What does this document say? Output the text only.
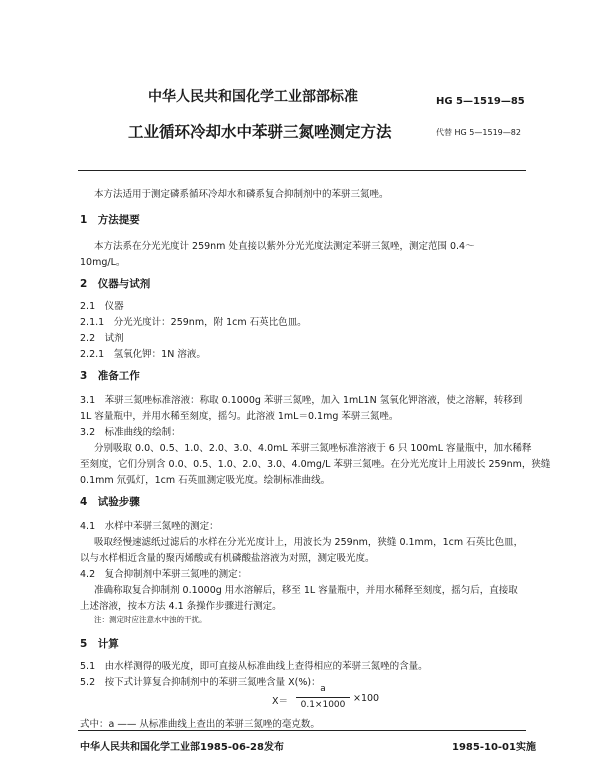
中华人民共和国化学工业部部标准	HG 5—1519—85
工业循环冷却水中苯骈三氮唑测定方法	代替 HG 5—1519—82
本方法适用于测定磷系循环冷却水和磷系复合抑制剂中的苯骈三氮唑。
1　方法提要
本方法系在分光光度计 259nm 处直接以紫外分光光度法测定苯骈三氮唑，测定范围 0.4～
10mg/L。
2　仪器与试剂
2.1　仪器
2.1.1　分光光度计：259nm，附 1cm 石英比色皿。
2.2　试剂
2.2.1　氢氧化钾：1N 溶液。
3　准备工作
3.1　苯骈三氮唑标准溶液：称取 0.1000g 苯骈三氮唑，加入 1mL1N 氢氧化钾溶液，使之溶解，转移到
1L 容量瓶中，并用水稀至刻度，摇匀。此溶液 1mL＝0.1mg 苯骈三氮唑。
3.2　标准曲线的绘制：
分别吸取 0.0、0.5、1.0、2.0、3.0、4.0mL 苯骈三氮唑标准溶液于 6 只 100mL 容量瓶中，加水稀释
至刻度，它们分别含 0.0、0.5、1.0、2.0、3.0、4.0mg/L 苯骈三氮唑。在分光光度计上用波长 259nm，狭缝
0.1mm 氘弧灯，1cm 石英皿测定吸光度。绘制标准曲线。
4　试验步骤
4.1　水样中苯骈三氮唑的测定：
吸取经慢速滤纸过滤后的水样在分光光度计上，用波长为 259nm，狭缝 0.1mm，1cm 石英比色皿，
以与水样相近含量的聚丙烯酸或有机磷酸盐溶液为对照，测定吸光度。
4.2　复合抑制剂中苯骈三氮唑的测定：
准确称取复合抑制剂 0.1000g 用水溶解后，移至 1L 容量瓶中，并用水稀释至刻度，摇匀后，直接取
上述溶液，按本方法 4.1 条操作步骤进行测定。
注：测定时应注意水中浊的干扰。
5　计算
5.1　由水样测得的吸光度，即可直接从标准曲线上查得相应的苯骈三氮唑的含量。
5.2　按下式计算复合抑制剂中的苯骈三氮唑含量 X(%)：
X＝
a
0.1×1000
×100
式中：a —— 从标准曲线上查出的苯骈三氮唑的毫克数。
中华人民共和国化学工业部1985-06-28发布	1985-10-01实施
